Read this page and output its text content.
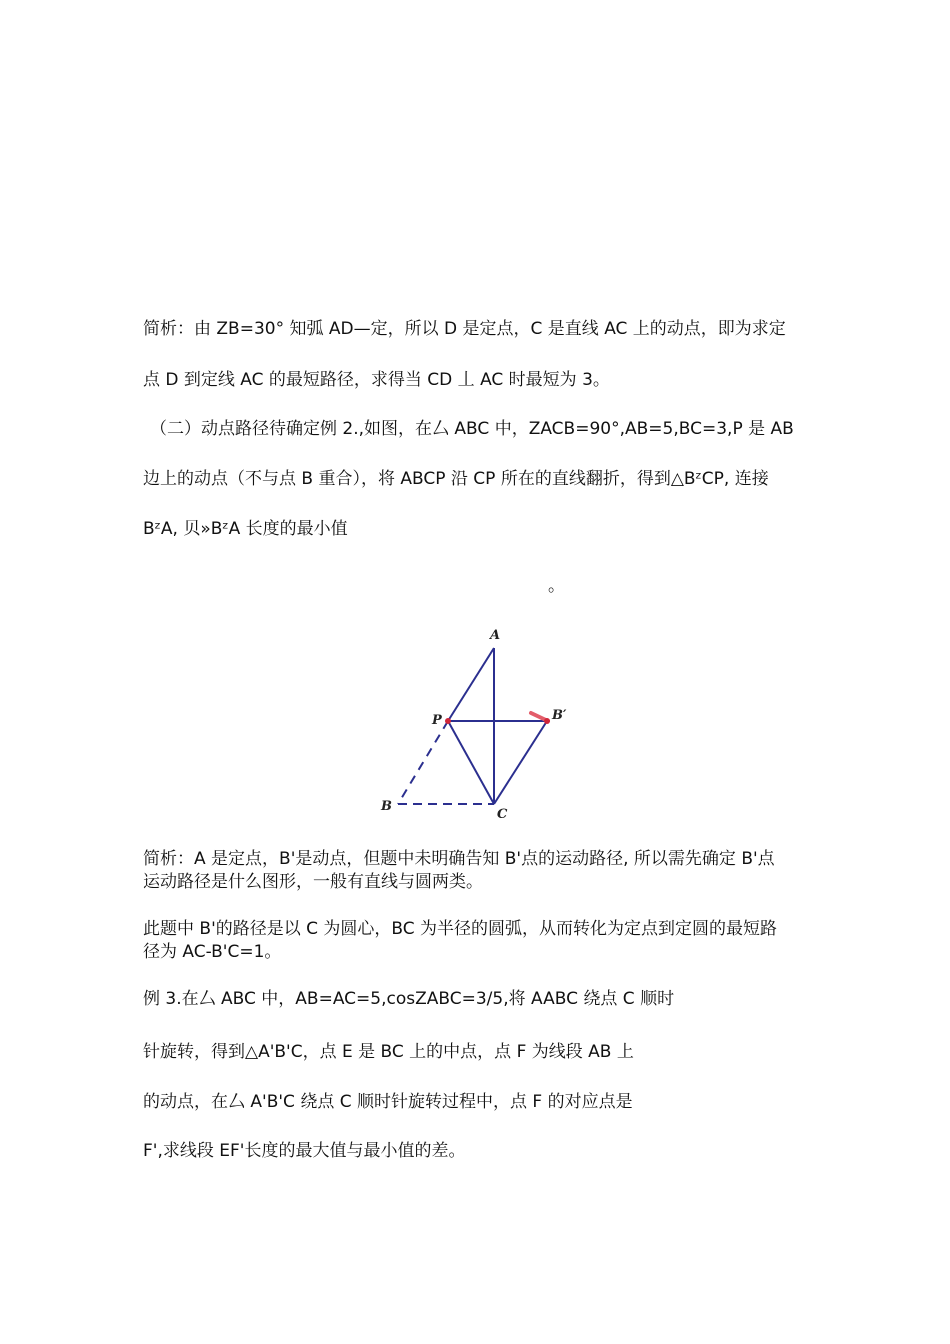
简析：由 ZB=30° 知弧 AD—定，所以 D 是定点，C 是直线 AC 上的动点，即为求定
点 D 到定线 AC 的最短路径，求得当 CD 丄 AC 时最短为 3。
（二）动点路径待确定例 2.,如图，在厶 ABC 中，ZACB=90°,AB=5,BC=3,P 是 AB
边上的动点（不与点 B 重合），将 ABCP 沿 CP 所在的直线翻折，得到△BᶻCP, 连接
BᶻA, 贝»BᶻA 长度的最小值
。
A
P	B′
B
C
简析：A 是定点，B'是动点，但题中未明确告知 B'点的运动路径, 所以需先确定 B'点
运动路径是什么图形，一般有直线与圆两类。
此题中 B'的路径是以 C 为圆心，BC 为半径的圆弧，从而转化为定点到定圆的最短路
径为 AC-B'C=1。
例 3.在厶 ABC 中，AB=AC=5,cosZABC=3/5,将 AABC 绕点 C 顺时
针旋转，得到△A'B'C，点 E 是 BC 上的中点，点 F 为线段 AB 上
的动点，在厶 A'B'C 绕点 C 顺时针旋转过程中，点 F 的对应点是
F',求线段 EF'长度的最大值与最小值的差。
